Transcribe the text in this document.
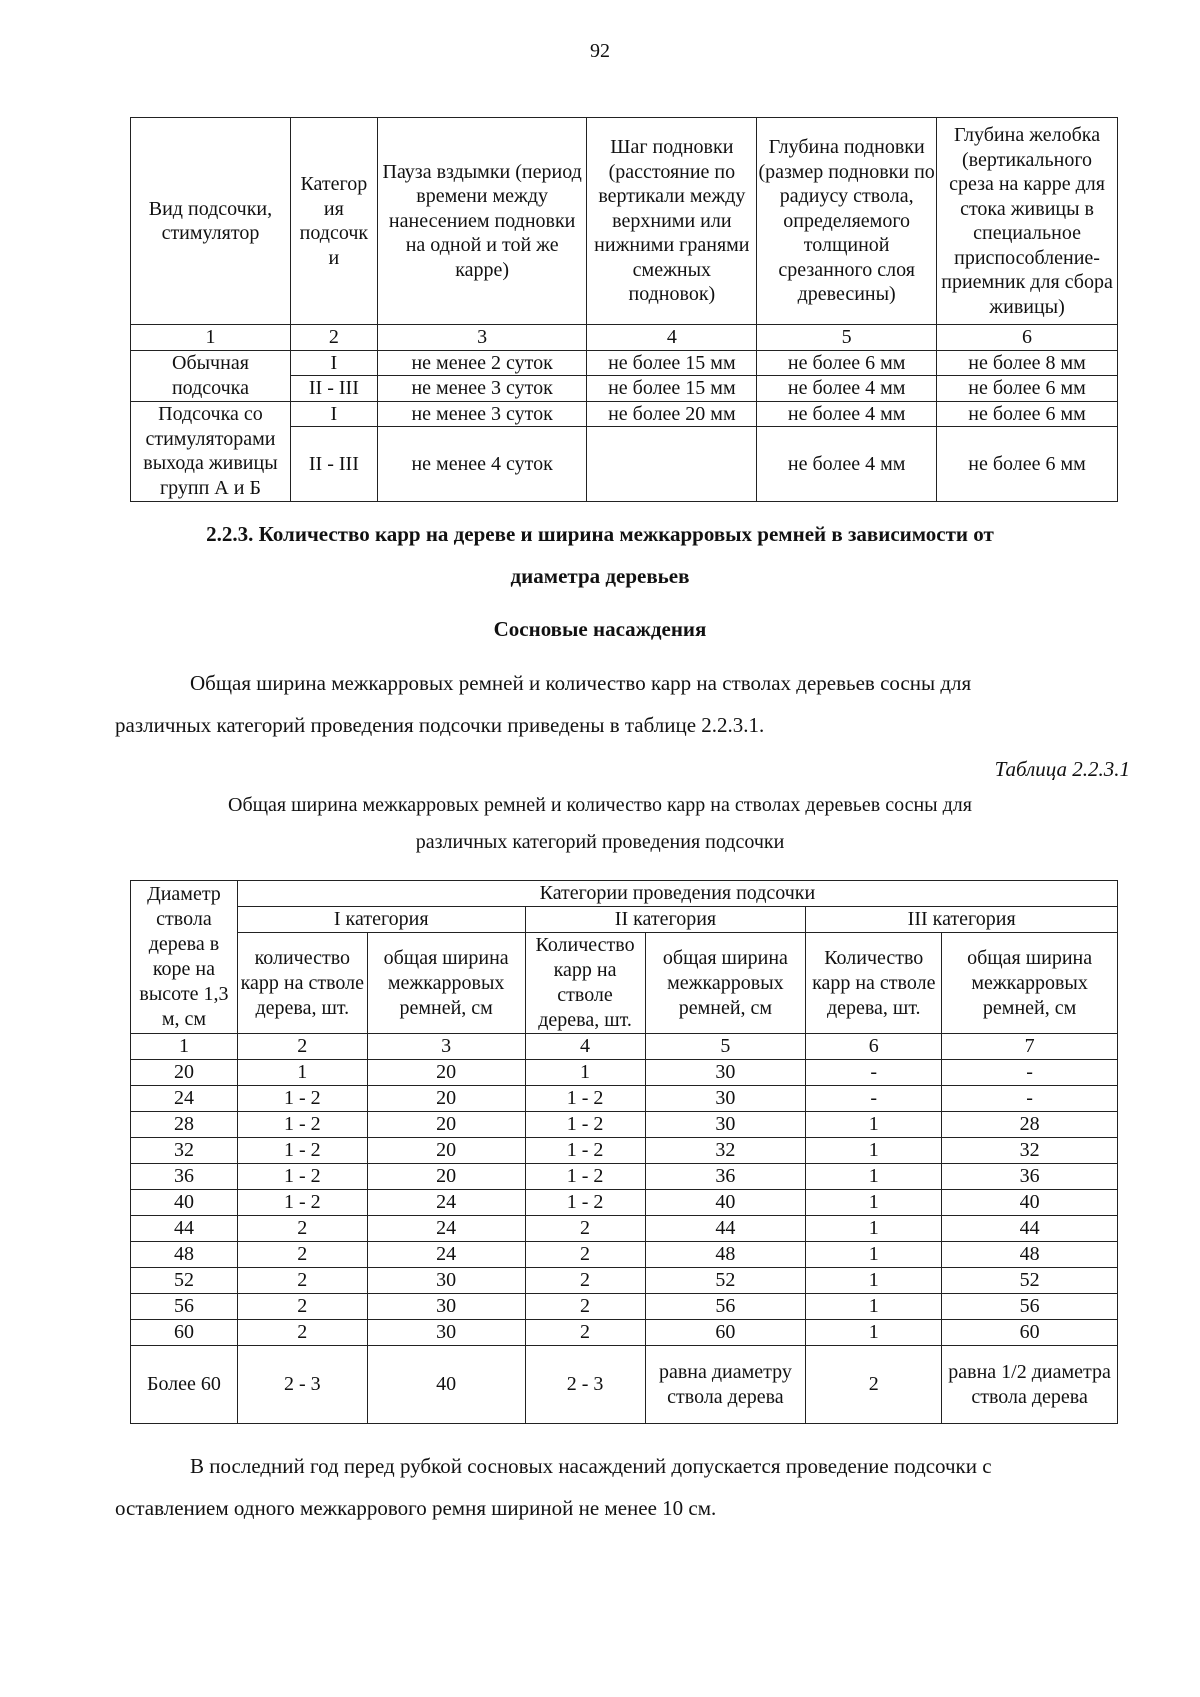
92
Вид подсочки, стимулятор	Категор ия подсочк и	Пауза вздымки (период времени между нанесением подновки на одной и той же карре)	Шаг подновки (расстояние по вертикали между верхними или нижними гранями смежных подновок)	Глубина подновки (размер подновки по радиусу ствола, определяемого толщиной срезанного слоя древесины)	Глубина желобка (вертикального среза на карре для стока живицы в специальное приспособление-приемник для сбора живицы)
1	2	3	4	5	6
Обычная подсочка	I	не менее 2 суток	не более 15 мм	не более 6 мм	не более 8 мм
	II - III	не менее 3 суток	не более 15 мм	не более 4 мм	не более 6 мм
Подсочка со стимуляторами выхода живицы групп А и Б	I	не менее 3 суток	не более 20 мм	не более 4 мм	не более 6 мм
	II - III	не менее 4 суток		не более 4 мм	не более 6 мм
2.2.3. Количество карр на дереве и ширина межкарровых ремней в зависимости от
диаметра деревьев
Сосновые насаждения
Общая ширина межкарровых ремней и количество карр на стволах деревьев сосны для
различных категорий проведения подсочки приведены в таблице 2.2.3.1.
Таблица 2.2.3.1
Общая ширина межкарровых ремней и количество карр на стволах деревьев сосны для
различных категорий проведения подсочки
Диаметр ствола дерева в коре на высоте 1,3 м, см	Категории проведения подсочки					
	I категория		II категория		III категория	
	количество карр на стволе дерева, шт.	общая ширина межкарровых ремней, см	Количество карр на стволе дерева, шт.	общая ширина межкарровых ремней, см	Количество карр на стволе дерева, шт.	общая ширина межкарровых ремней, см
1	2	3	4	5	6	7
20	1	20	1	30	-	-
24	1 - 2	20	1 - 2	30	-	-
28	1 - 2	20	1 - 2	30	1	28
32	1 - 2	20	1 - 2	32	1	32
36	1 - 2	20	1 - 2	36	1	36
40	1 - 2	24	1 - 2	40	1	40
44	2	24	2	44	1	44
48	2	24	2	48	1	48
52	2	30	2	52	1	52
56	2	30	2	56	1	56
60	2	30	2	60	1	60
Более 60	2 - 3	40	2 - 3	равна диаметру ствола дерева	2	равна 1/2 диаметра ствола дерева
В последний год перед рубкой сосновых насаждений допускается проведение подсочки с
оставлением одного межкаррового ремня шириной не менее 10 см.
